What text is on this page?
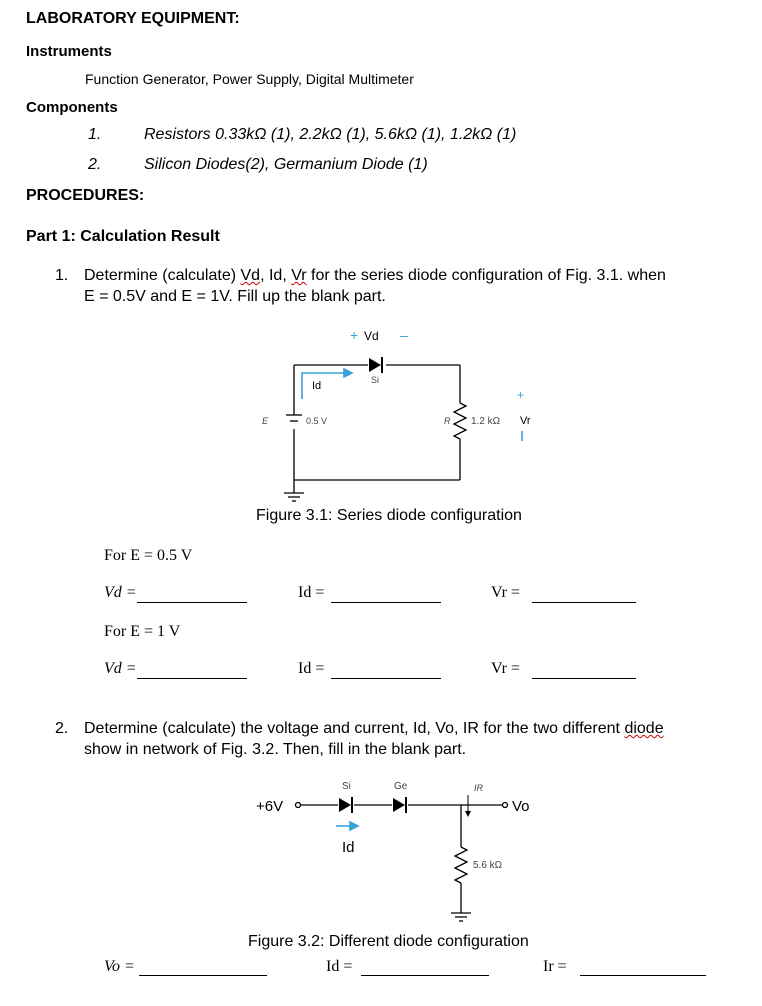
LABORATORY EQUIPMENT:
Instruments
Function Generator, Power Supply, Digital Multimeter
Components
1.	Resistors 0.33kΩ (1), 2.2kΩ (1), 5.6kΩ (1), 1.2kΩ (1)
2.	Silicon Diodes(2), Germanium Diode (1)
PROCEDURES:
Part 1: Calculation Result
1. Determine (calculate) Vd, Id, Vr for the series diode configuration of Fig. 3.1. when
E = 0.5V and E = 1V. Fill up the blank part.
+ Vd –
Si
Id
E	0.5 V	R 1.2 kΩ
+
Vr
Figure 3.1: Series diode configuration
For E = 0.5 V
Vd =	Id =	Vr =
For E = 1 V
Vd =	Id =	Vr =
2. Determine (calculate) the voltage and current, Id, Vo, IR for the two different diode
show in network of Fig. 3.2. Then, fill in the blank part.
+6V
Si	Ge
Id
IR
Vo
5.6 kΩ
Figure 3.2: Different diode configuration
Vo =	Id =	Ir =
